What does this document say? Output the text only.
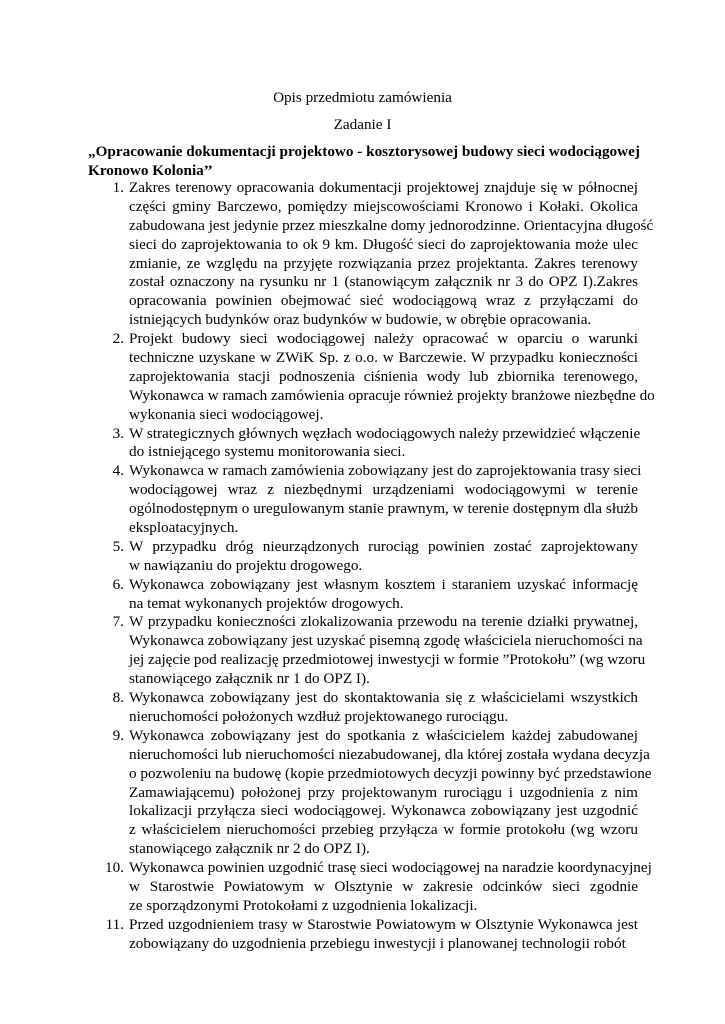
Opis przedmiotu zamówienia
Zadanie I
„Opracowanie dokumentacji projektowo - kosztorysowej budowy sieci wodociągowej
Kronowo Kolonia’’
1. Zakres terenowy opracowania dokumentacji projektowej znajduje się w północnej
części gminy Barczewo, pomiędzy miejscowościami Kronowo i Kołaki. Okolica
zabudowana jest jedynie przez mieszkalne domy jednorodzinne. Orientacyjna długość
sieci do zaprojektowania to ok 9 km. Długość sieci do zaprojektowania może ulec
zmianie, ze względu na przyjęte rozwiązania przez projektanta. Zakres terenowy
został oznaczony na rysunku nr 1 (stanowiącym załącznik nr 3 do OPZ I).Zakres
opracowania powinien obejmować sieć wodociągową wraz z przyłączami do
istniejących budynków oraz budynków w budowie, w obrębie opracowania.
2. Projekt budowy sieci wodociągowej należy opracować w oparciu o warunki
techniczne uzyskane w ZWiK Sp. z o.o. w Barczewie. W przypadku konieczności
zaprojektowania stacji podnoszenia ciśnienia wody lub zbiornika terenowego,
Wykonawca w ramach zamówienia opracuje również projekty branżowe niezbędne do
wykonania sieci wodociągowej.
3. W strategicznych głównych węzłach wodociągowych należy przewidzieć włączenie
do istniejącego systemu monitorowania sieci.
4. Wykonawca w ramach zamówienia zobowiązany jest do zaprojektowania trasy sieci
wodociągowej wraz z niezbędnymi urządzeniami wodociągowymi w terenie
ogólnodostępnym o uregulowanym stanie prawnym, w terenie dostępnym dla służb
eksploatacyjnych.
5. W przypadku dróg nieurządzonych rurociąg powinien zostać zaprojektowany
w nawiązaniu do projektu drogowego.
6. Wykonawca zobowiązany jest własnym kosztem i staraniem uzyskać informację
na temat wykonanych projektów drogowych.
7. W przypadku konieczności zlokalizowania przewodu na terenie działki prywatnej,
Wykonawca zobowiązany jest uzyskać pisemną zgodę właściciela nieruchomości na
jej zajęcie pod realizację przedmiotowej inwestycji w formie ”Protokołu” (wg wzoru
stanowiącego załącznik nr 1 do OPZ I).
8. Wykonawca zobowiązany jest do skontaktowania się z właścicielami wszystkich
nieruchomości położonych wzdłuż projektowanego rurociągu.
9. Wykonawca zobowiązany jest do spotkania z właścicielem każdej zabudowanej
nieruchomości lub nieruchomości niezabudowanej, dla której została wydana decyzja
o pozwoleniu na budowę (kopie przedmiotowych decyzji powinny być przedstawione
Zamawiającemu) położonej przy projektowanym rurociągu i uzgodnienia z nim
lokalizacji przyłącza sieci wodociągowej. Wykonawca zobowiązany jest uzgodnić
z właścicielem nieruchomości przebieg przyłącza w formie protokołu (wg wzoru
stanowiącego załącznik nr 2 do OPZ I).
10. Wykonawca powinien uzgodnić trasę sieci wodociągowej na naradzie koordynacyjnej
w Starostwie Powiatowym w Olsztynie w zakresie odcinków sieci zgodnie
ze sporządzonymi Protokołami z uzgodnienia lokalizacji.
11. Przed uzgodnieniem trasy w Starostwie Powiatowym w Olsztynie Wykonawca jest
zobowiązany do uzgodnienia przebiegu inwestycji i planowanej technologii robót
